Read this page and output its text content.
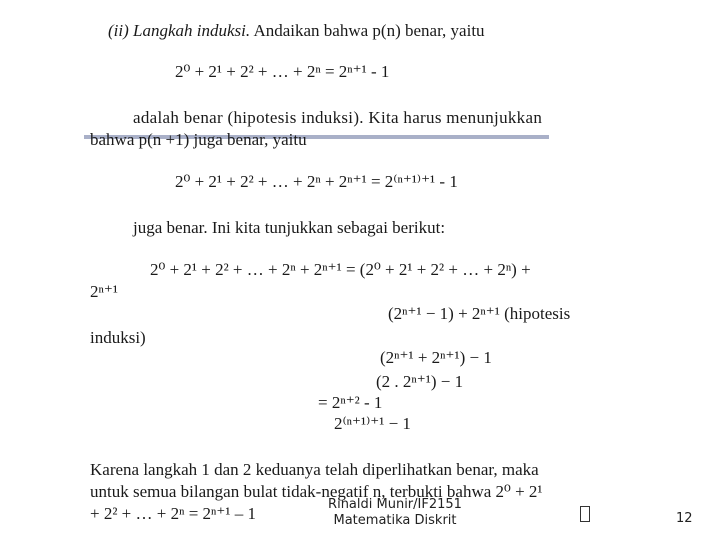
(ii) Langkah induksi. Andaikan bahwa p(n) benar, yaitu
2⁰ + 2¹ + 2² + … + 2ⁿ = 2ⁿ⁺¹ - 1
adalah benar (hipotesis induksi). Kita harus menunjukkan
bahwa p(n +1) juga benar, yaitu
2⁰ + 2¹ + 2² + … + 2ⁿ + 2ⁿ⁺¹ = 2⁽ⁿ⁺¹⁾⁺¹ - 1
juga benar. Ini kita tunjukkan sebagai berikut:
2⁰ + 2¹ + 2² + … + 2ⁿ + 2ⁿ⁺¹ = (2⁰ + 2¹ + 2² + … + 2ⁿ) +
2ⁿ⁺¹
(2ⁿ⁺¹ − 1) + 2ⁿ⁺¹ (hipotesis
induksi)
(2ⁿ⁺¹ + 2ⁿ⁺¹) − 1
(2 . 2ⁿ⁺¹) − 1
= 2ⁿ⁺² - 1
2⁽ⁿ⁺¹⁾⁺¹ − 1
Karena langkah 1 dan 2 keduanya telah diperlihatkan benar, maka
untuk semua bilangan bulat tidak-negatif n, terbukti bahwa 2⁰ + 2¹
+ 2² + … + 2ⁿ = 2ⁿ⁺¹ – 1	Rinaldi Munir/IF2151
Matematika Diskrit	12
